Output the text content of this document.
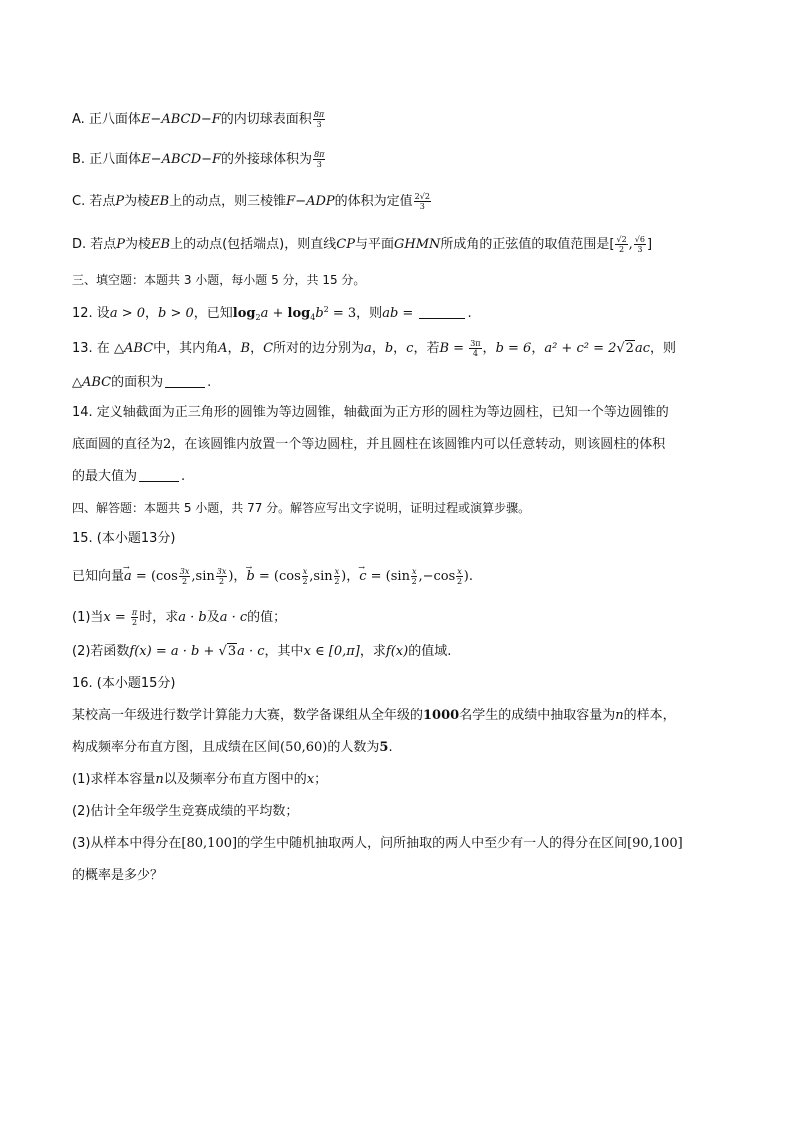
A. 正八面体E−ABCD−F的内切球表面积 $\frac{8\pi}{3}$
B. 正八面体E−ABCD−F的外接球体积为 $\frac{8\pi}{3}$
C. 若点P为棱EB上的动点，则三棱锥F−ADP的体积为定值 $\frac{2√2}{3}$
D. 若点P为棱EB上的动点(包括端点)，则直线CP与平面GHMN所成角的正弦值的取值范围是[ $\frac{√2}{2}$ , $\frac{√6}{3}$ ]
三、填空题：本题共 3 小题，每小题 5 分，共 15 分。
12. 设a > 0，b > 0，已知$\log_2a + \log_4b^2 = 3$，则ab =	.
13. 在 △ABC中，其内角A，B，C所对的边分别为a，b，c，若$B = \frac{3\pi}{4}$ ，b = 6，a² + c² = 2√2ac，则
△ABC的面积为	.
14. 定义轴截面为正三角形的圆锥为等边圆锥，轴截面为正方形的圆柱为等边圆柱，已知一个等边圆锥的
底面圆的直径为2，在该圆锥内放置一个等边圆柱，并且圆柱在该圆锥内可以任意转动，则该圆柱的体积
的最大值为	.
四、解答题：本题共 5 小题，共 77 分。解答应写出文字说明，证明过程或演算步骤。
15. (本小题13分)
已知向量→ $a = (\cos \frac{3x}{2} ,\sin \frac{3x}{2}$ )，→ $b = (\cos \frac{x}{2} ,\sin \frac{x}{2}$ )，→ $c = (\sin \frac{x}{2} ,-\cos \frac{x}{2}$ ).
(1)当$x = \frac{\pi}{2}$ 时，求a · b及a · c的值；
(2)若函数f(x) = a · b + √3a · c，其中x ∈ [0,π]，求f(x)的值域.
16. (本小题15分)
某校高一年级进行数学计算能力大赛，数学备课组从全年级的1000名学生的成绩中抽取容量为n的样本，
构成频率分布直方图，且成绩在区间(50,60)的人数为5.
(1)求样本容量n以及频率分布直方图中的x；
(2)估计全年级学生竞赛成绩的平均数；
(3)从样本中得分在[80,100]的学生中随机抽取两人，问所抽取的两人中至少有一人的得分在区间[90,100]
的概率是多少？
